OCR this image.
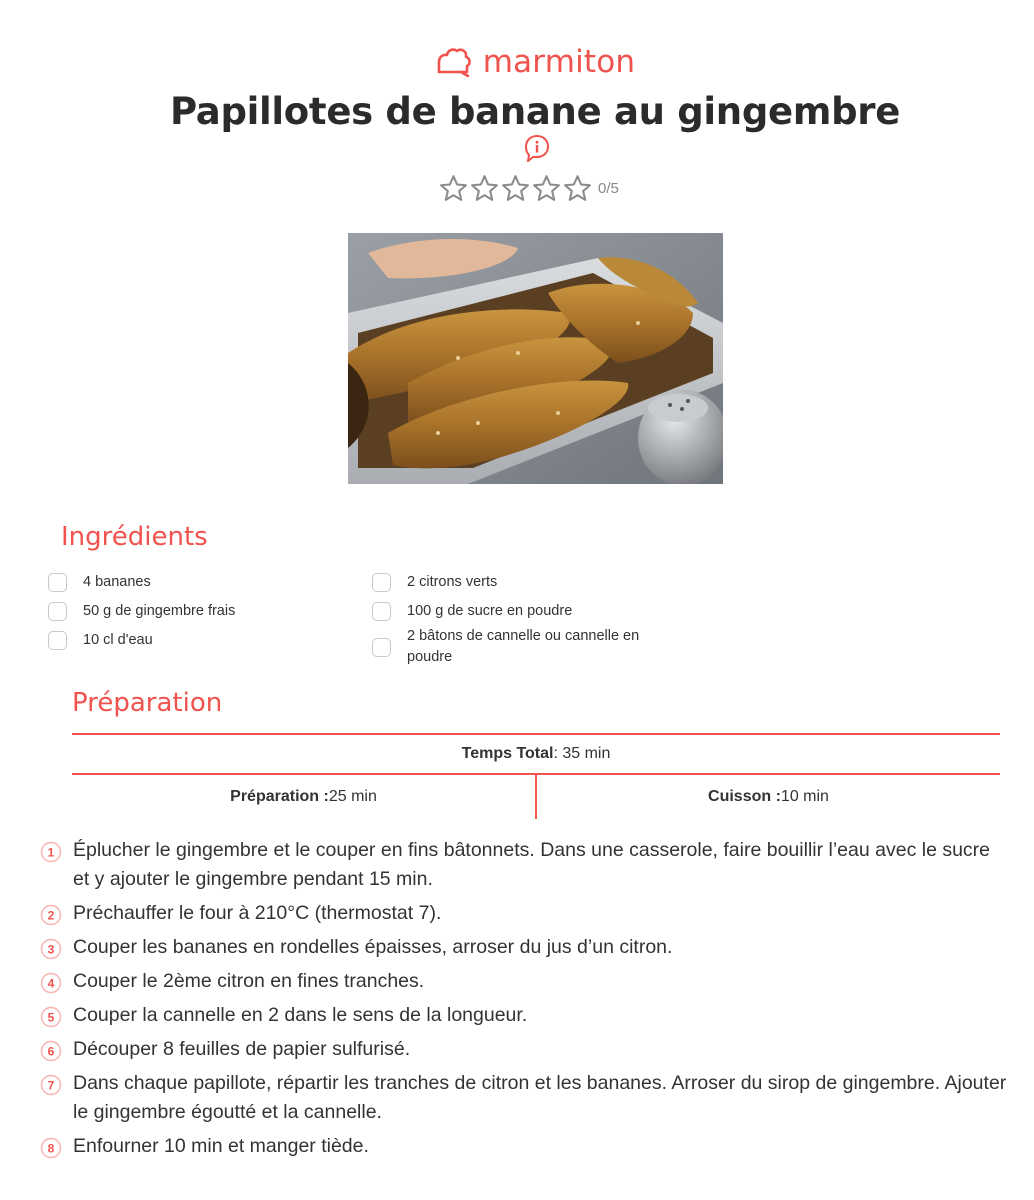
marmiton
Papillotes de banane au gingembre
0/5
Ingrédients
4 bananes
50 g de gingembre frais
10 cl d'eau
2 citrons verts
100 g de sucre en poudre
2 bâtons de cannelle ou cannelle en poudre
Préparation
Temps Total : 35 min
Préparation : 25 min	Cuisson : 10 min
1 Éplucher le gingembre et le couper en fins bâtonnets. Dans une casserole, faire bouillir l’eau avec le sucre et y ajouter le gingembre pendant 15 min.
2 Préchauffer le four à 210°C (thermostat 7).
3 Couper les bananes en rondelles épaisses, arroser du jus d’un citron.
4 Couper le 2ème citron en fines tranches.
5 Couper la cannelle en 2 dans le sens de la longueur.
6 Découper 8 feuilles de papier sulfurisé.
7 Dans chaque papillote, répartir les tranches de citron et les bananes. Arroser du sirop de gingembre. Ajouter le gingembre égoutté et la cannelle.
8 Enfourner 10 min et manger tiède.
